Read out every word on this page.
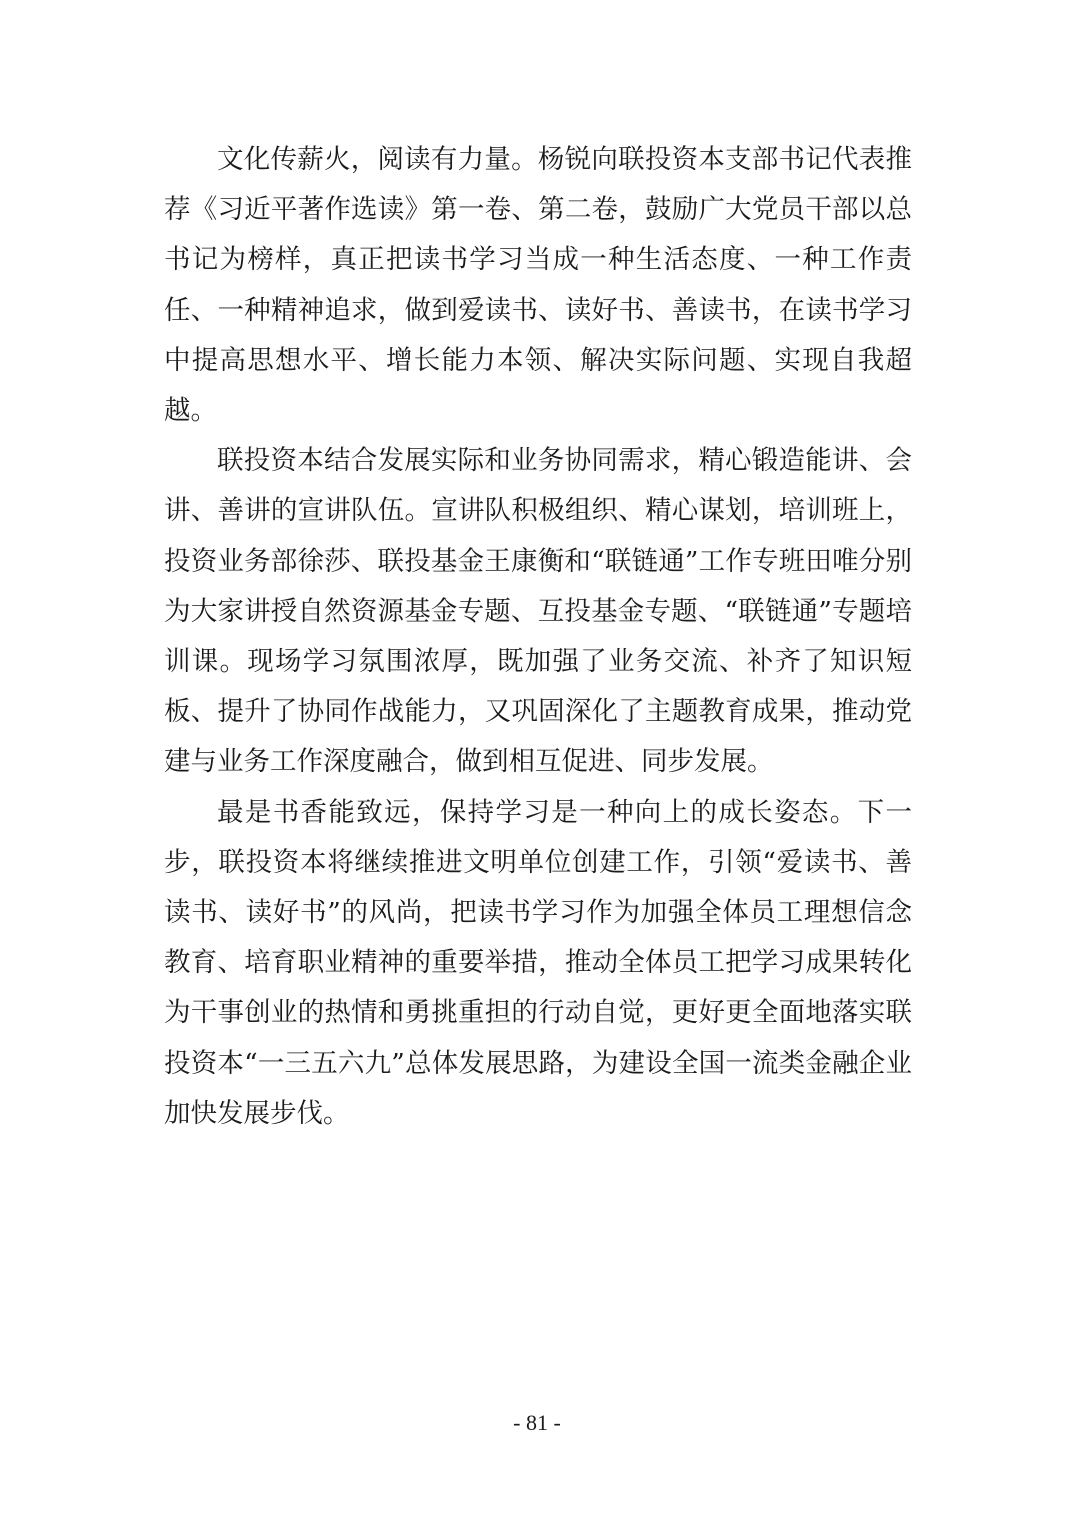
文化传薪火，阅读有力量。杨锐向联投资本支部书记代表推荐《习近平著作选读》第一卷、第二卷，鼓励广大党员干部以总书记为榜样，真正把读书学习当成一种生活态度、一种工作责任、一种精神追求，做到爱读书、读好书、善读书，在读书学习中提高思想水平、增长能力本领、解决实际问题、实现自我超越。

联投资本结合发展实际和业务协同需求，精心锻造能讲、会讲、善讲的宣讲队伍。宣讲队积极组织、精心谋划，培训班上，投资业务部徐莎、联投基金王康衡和“联链通”工作专班田唯分别为大家讲授自然资源基金专题、互投基金专题、“联链通”专题培训课。现场学习氛围浓厚，既加强了业务交流、补齐了知识短板、提升了协同作战能力，又巩固深化了主题教育成果，推动党建与业务工作深度融合，做到相互促进、同步发展。

最是书香能致远，保持学习是一种向上的成长姿态。下一步，联投资本将继续推进文明单位创建工作，引领“爱读书、善读书、读好书”的风尚，把读书学习作为加强全体员工理想信念教育、培育职业精神的重要举措，推动全体员工把学习成果转化为干事创业的热情和勇挑重担的行动自觉，更好更全面地落实联投资本“一三五六九”总体发展思路，为建设全国一流类金融企业加快发展步伐。

- 81 -
